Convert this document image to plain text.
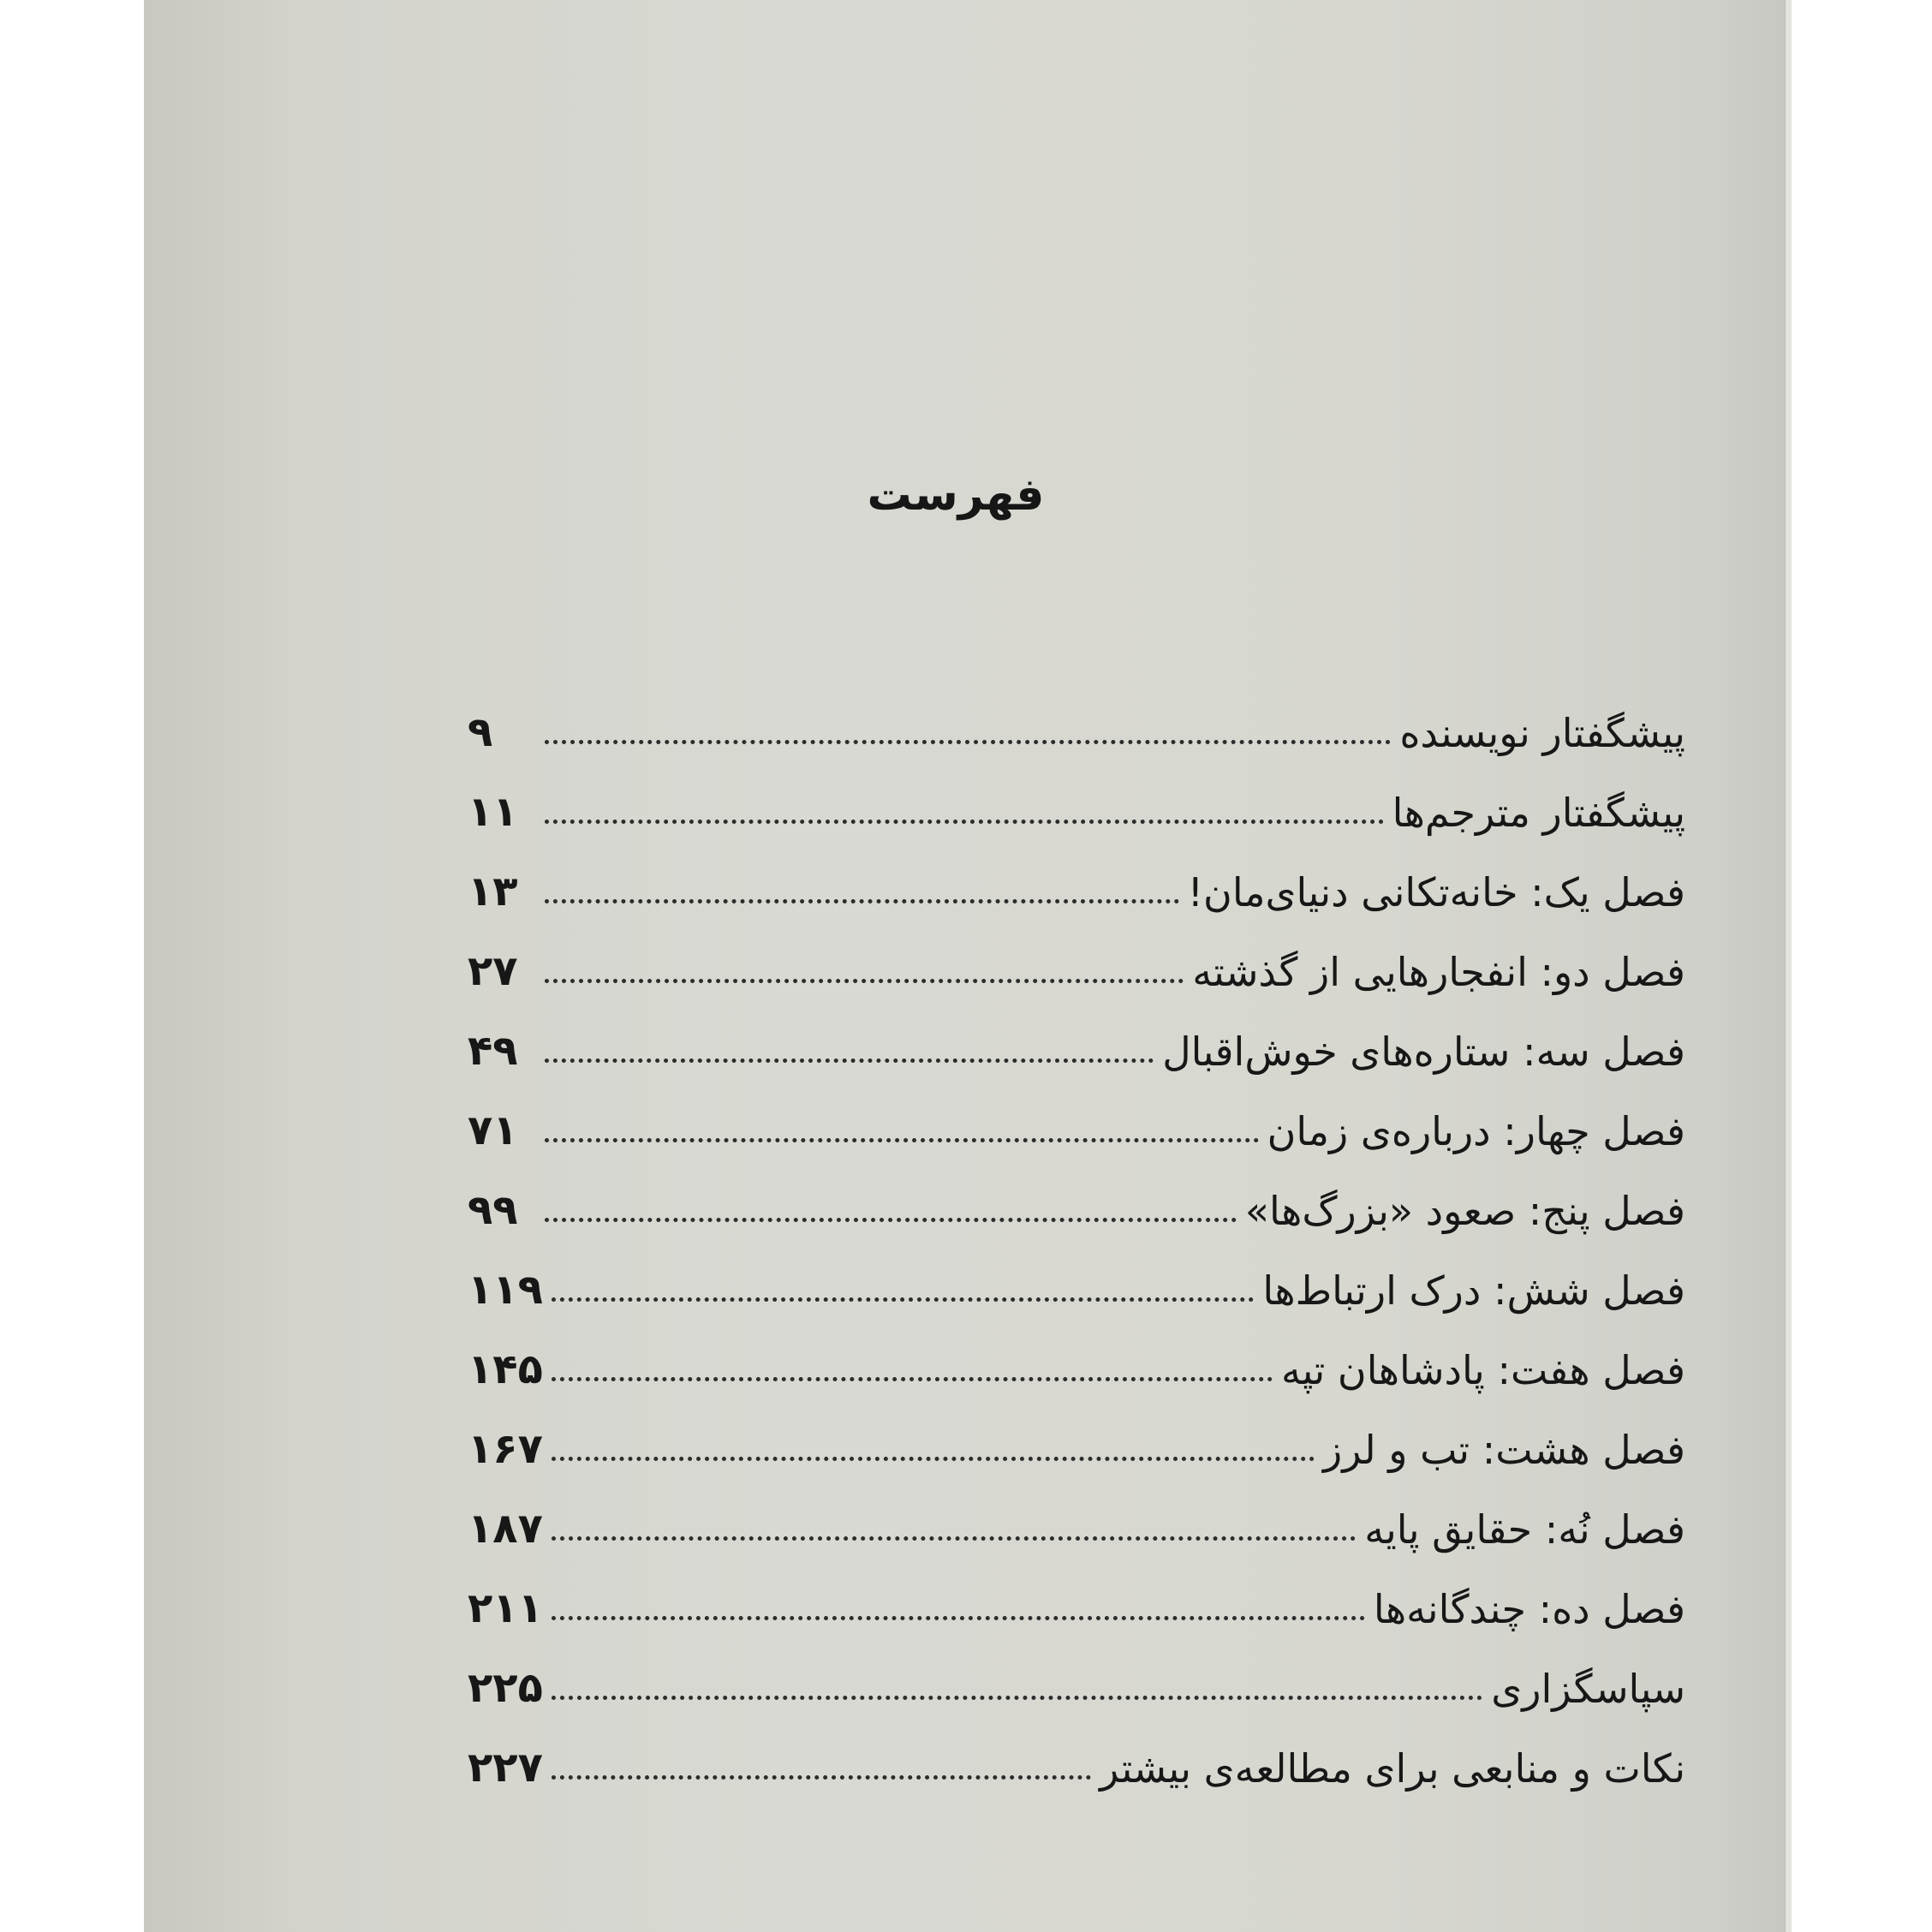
فهرست
پیشگفتار نویسنده
۹
پیشگفتار مترجم‌ها
۱۱
فصل یک: خانه‌تکانی دنیای‌مان!
۱۳
فصل دو: انفجارهایی از گذشته
۲۷
فصل سه: ستاره‌های خوش‌اقبال
۴۹
فصل چهار: درباره‌ی زمان
۷۱
فصل پنج: صعود «بزرگ‌ها»
۹۹
فصل شش: درک ارتباط‌ها
۱۱۹
فصل هفت: پادشاهان تپه
۱۴۵
فصل هشت: تب و لرز
۱۶۷
فصل نُه: حقایق پایه
۱۸۷
فصل ده: چندگانه‌ها
۲۱۱
سپاسگزاری
۲۲۵
نکات و منابعی برای مطالعه‌ی بیشتر
۲۲۷
